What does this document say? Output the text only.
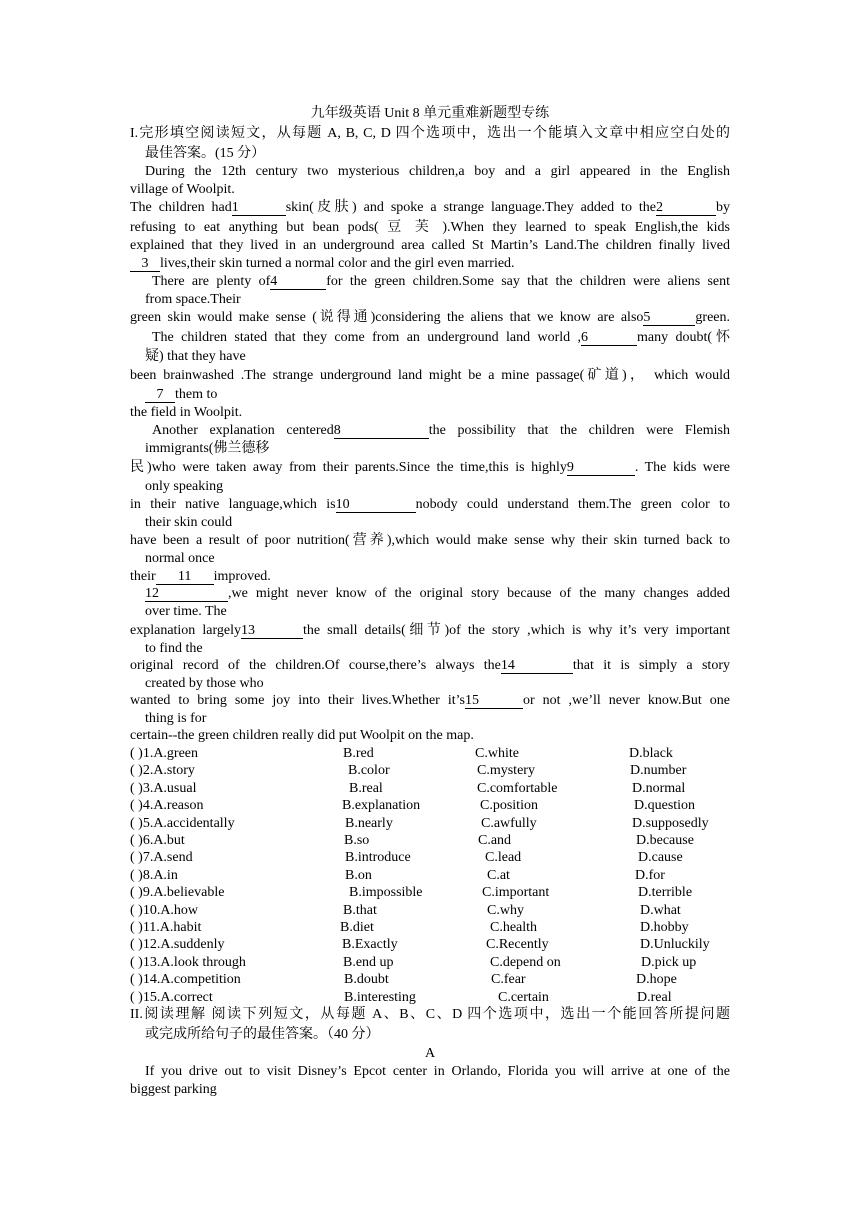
九年级英语 Unit 8 单元重难新题型专练
I.完形填空阅读短文，从每题 A, B, C, D 四个选项中，选出一个能填入文章中相应空白处的
最佳答案。(15 分）
During the 12th century two mysterious children,a boy and a girl appeared in the English
village of Woolpit.
The children had1	skin(皮肤) and spoke a strange language.They added to the2	by
refusing to eat anything but bean pods( 豆 芙 ).When they learned to speak English,the kids
explained that they lived in an underground area called St Martin’s Land.The children finally lived
3 lives,their skin turned a normal color and the girl even married.
There are plenty of4	for the green children.Some say that the children were aliens sent
from space.Their
green skin would make sense (说得通)considering the aliens that we know are also5	green.
The children stated that they come from an underground land world ,6	many doubt(怀
疑) that they have
been brainwashed .The strange underground land might be a mine passage(矿道)， which would
7 them to
the field in Woolpit.
Another explanation centered8	the possibility that the children were Flemish
immigrants(佛兰德移
民)who were taken away from their parents.Since the time,this is highly9	. The kids were
only speaking
in their native language,which is10	nobody could understand them.The green color to
their skin could
have been a result of poor nutrition(营养),which would make sense why their skin turned back to
normal once
their 11 improved.
12	,we might never know of the original story because of the many changes added
over time. The
explanation largely13	the small details(细节)of the story ,which is why it’s very important
to find the
original record of the children.Of course,there’s always the14	that it is simply a story
created by those who
wanted to bring some joy into their lives.Whether it’s15	or not ,we’ll never know.But one
thing is for
certain--the green children really did put Woolpit on the map.
( )1.A.green	B.red	C.white	D.black
( )2.A.story	B.color	C.mystery	D.number
( )3.A.usual	B.real	C.comfortable	D.normal
( )4.A.reason	B.explanation	C.position	D.question
( )5.A.accidentally	B.nearly	C.awfully	D.supposedly
( )6.A.but	B.so	C.and	D.because
( )7.A.send	B.introduce	C.lead	D.cause
( )8.A.in	B.on	C.at	D.for
( )9.A.believable	B.impossible	C.important	D.terrible
( )10.A.how	B.that	C.why	D.what
( )11.A.habit	B.diet	C.health	D.hobby
( )12.A.suddenly	B.Exactly	C.Recently	D.Unluckily
( )13.A.look through	B.end up	C.depend on	D.pick up
( )14.A.competition	B.doubt	C.fear	D.hope
( )15.A.correct	B.interesting	C.certain	D.real
II.阅读理解 阅读下列短文，从每题 A、B、C、D 四个选项中，选出一个能回答所提问题
或完成所给句子的最佳答案。（40 分）
A
If you drive out to visit Disney’s Epcot center in Orlando, Florida you will arrive at one of the
biggest parking
